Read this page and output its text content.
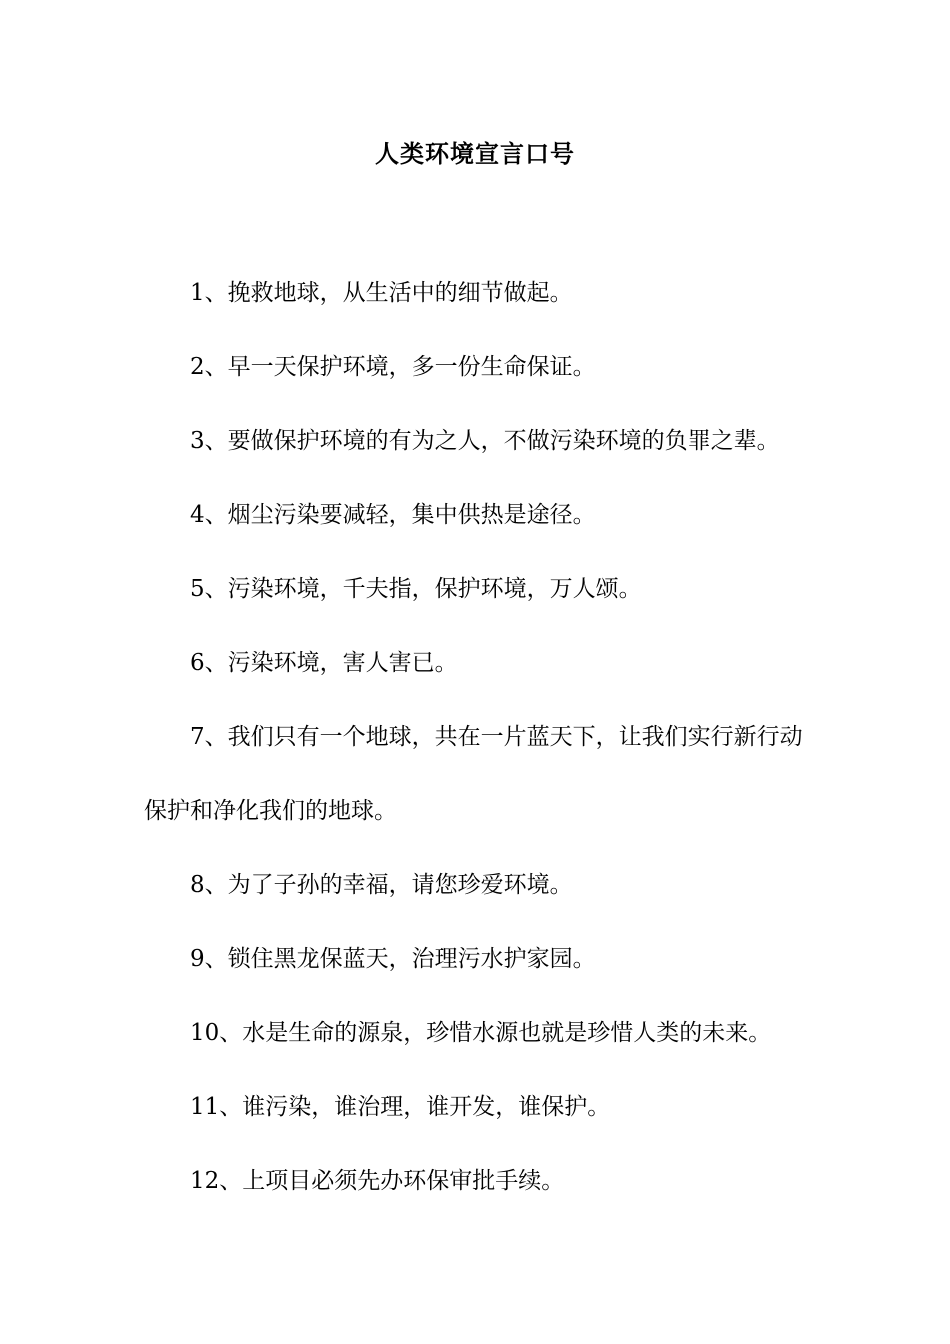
人类环境宣言口号

1、挽救地球，从生活中的细节做起。

2、早一天保护环境，多一份生命保证。

3、要做保护环境的有为之人，不做污染环境的负罪之辈。

4、烟尘污染要减轻，集中供热是途径。

5、污染环境，千夫指，保护环境，万人颂。

6、污染环境，害人害已。

7、我们只有一个地球，共在一片蓝天下，让我们实行新行动保护和净化我们的地球。

8、为了子孙的幸福，请您珍爱环境。

9、锁住黑龙保蓝天，治理污水护家园。

10、水是生命的源泉，珍惜水源也就是珍惜人类的未来。

11、谁污染，谁治理，谁开发，谁保护。

12、上项目必须先办环保审批手续。
